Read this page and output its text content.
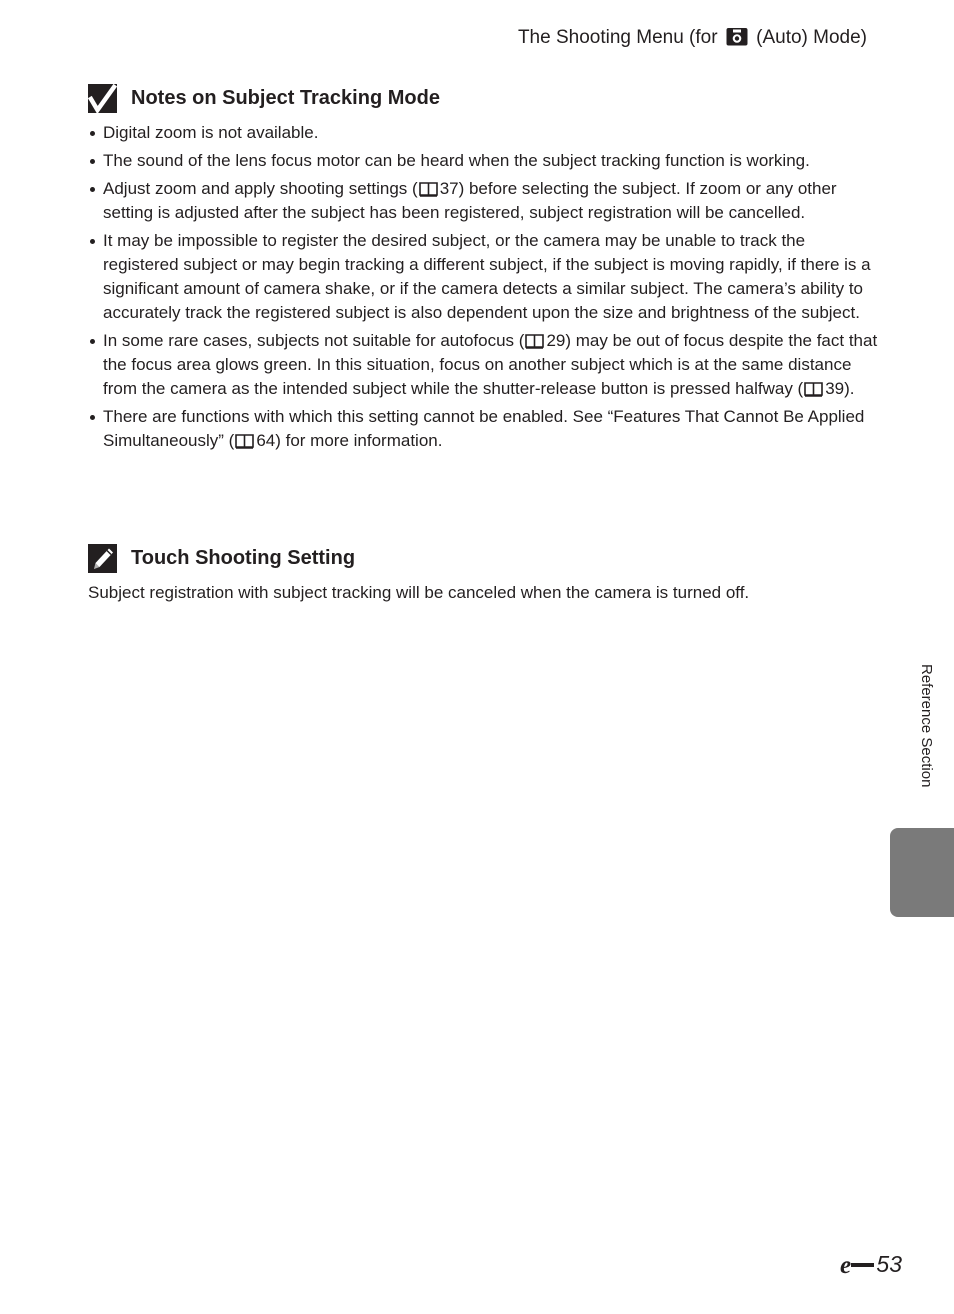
The Shooting Menu (for (Auto) Mode)
Notes on Subject Tracking Mode
Digital zoom is not available.
The sound of the lens focus motor can be heard when the subject tracking function is working.
Adjust zoom and apply shooting settings ( 37) before selecting the subject. If zoom or any other setting is adjusted after the subject has been registered, subject registration will be cancelled.
It may be impossible to register the desired subject, or the camera may be unable to track the registered subject or may begin tracking a different subject, if the subject is moving rapidly, if there is a significant amount of camera shake, or if the camera detects a similar subject. The camera’s ability to accurately track the registered subject is also dependent upon the size and brightness of the subject.
In some rare cases, subjects not suitable for autofocus ( 29) may be out of focus despite the fact that the focus area glows green. In this situation, focus on another subject which is at the same distance from the camera as the intended subject while the shutter-release button is pressed halfway ( 39).
There are functions with which this setting cannot be enabled. See “Features That Cannot Be Applied Simultaneously” ( 64) for more information.
Touch Shooting Setting

Subject registration with subject tracking will be canceled when the camera is turned off.

Reference Section
e 53
